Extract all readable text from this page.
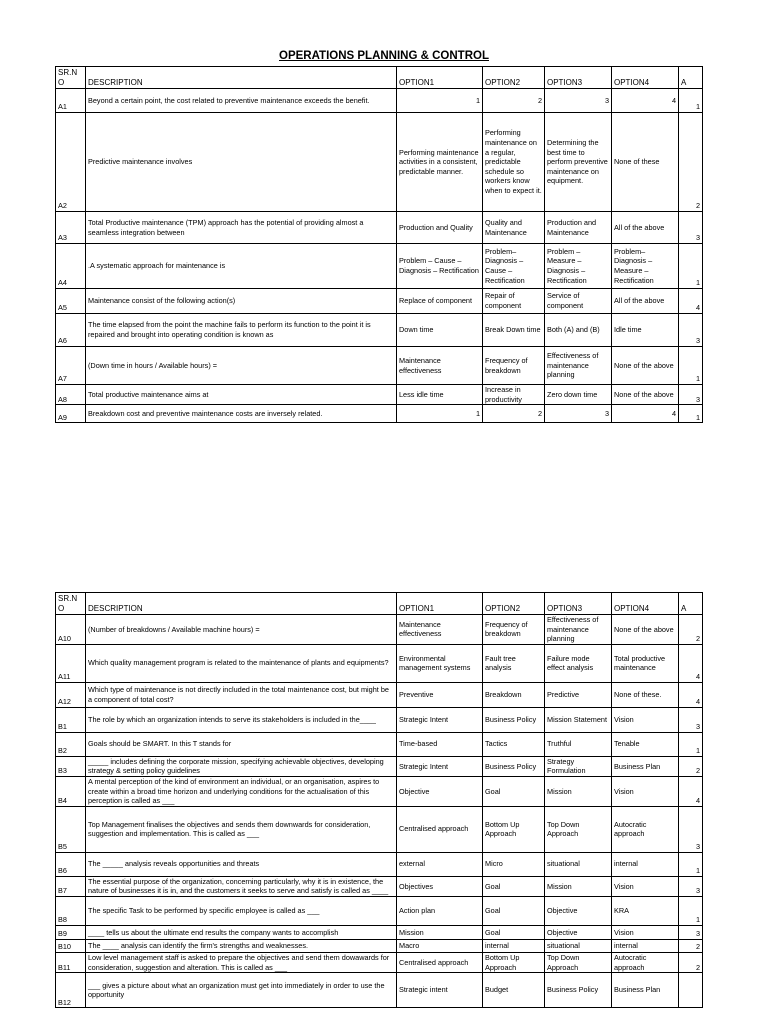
OPERATIONS PLANNING & CONTROL
SR.N O	DESCRIPTION	OPTION1	OPTION2	OPTION3	OPTION4	A
A1	Beyond a certain point, the cost related to preventive maintenance exceeds the benefit.	1	2	3	4	1
A2	Predictive maintenance involves	Performing maintenance activities in a consistent, predictable manner.	Performing maintenance on a regular, predictable schedule so workers know when to expect it.	Determining the best time to perform preventive maintenance on equipment.	None of these	2
A3	Total Productive maintenance (TPM) approach has the potential of providing almost a seamless integration between	Production and Quality	Quality and Maintenance	Production and Maintenance	All of the above	3
A4	.A systematic approach for maintenance is	Problem – Cause – Diagnosis – Rectification	Problem– Diagnosis – Cause – Rectification	Problem – Measure – Diagnosis – Rectification	Problem– Diagnosis – Measure – Rectification	1
A5	Maintenance consist of the following action(s)	Replace of component	Repair of component	Service of component	All of the above	4
A6	The time elapsed from the point the machine fails to perform its function to the point it is repaired and brought into operating condition is known as	Down time	Break Down time	Both (A) and (B)	Idle time	3
A7	(Down time in hours / Available hours) =	Maintenance effectiveness	Frequency of breakdown	Effectiveness of maintenance planning	None of the above	1
A8	Total productive maintenance aims at	Less idle time	Increase in productivity	Zero down time	None of the above	3
A9	Breakdown cost and preventive maintenance costs are inversely related.	1	2	3	4	1
SR.N O	DESCRIPTION	OPTION1	OPTION2	OPTION3	OPTION4	A
A10	(Number of breakdowns / Available machine hours) =	Maintenance effectiveness	Frequency of breakdown	Effectiveness of maintenance planning	None of the above	2
A11	Which quality management program is related to the maintenance of plants and equipments?	Environmental management systems	Fault tree analysis	Failure mode effect analysis	Total productive maintenance	4
A12	Which type of maintenance is not directly included in the total maintenance cost, but might be a component of total cost?	Preventive	Breakdown	Predictive	None of these.	4
B1	The role by which an organization intends to serve its stakeholders is included in the____	Strategic Intent	Business Policy	Mission Statement	Vision	3
B2	Goals should be SMART. In this T stands for	Time-based	Tactics	Truthful	Tenable	1
B3	_____ includes defining the corporate mission, specifying achievable objectives, developing strategy & setting policy guidelines	Strategic Intent	Business Policy	Strategy Formulation	Business Plan	2
B4	A mental perception of the kind of environment an individual, or an organisation, aspires to create within a broad time horizon and underlying conditions for the actualisation of this perception is called as ___	Objective	Goal	Mission	Vision	4
B5	Top Management finalises the objectives and sends them downwards for consideration, suggestion and implementation. This is called as ___	Centralised approach	Bottom Up Approach	Top Down Approach	Autocratic approach	3
B6	The _____ analysis reveals opportunities and threats	external	Micro	situational	internal	1
B7	The essential purpose of the organization, concerning particularly, why it is in existence, the nature of businesses it is in, and the customers it seeks to serve and satisfy is called as ____	Objectives	Goal	Mission	Vision	3
B8	The specific Task to be performed by specific employee is called as ___	Action plan	Goal	Objective	KRA	1
B9	____ tells us about the ultimate end results the company wants to accomplish	Mission	Goal	Objective	Vision	3
B10	The ____ analysis can identify the firm's strengths and weaknesses.	Macro	internal	situational	internal	2
B11	Low level management staff is asked to prepare the objectives and send them dowawards for consideration, suggestion and alteration. This is called as ___	Centralised approach	Bottom Up Approach	Top Down Approach	Autocratic approach	2
B12	___ gives a picture about what an organization must get into immediately in order to use the opportunity	Strategic intent	Budget	Business Policy	Business Plan	
